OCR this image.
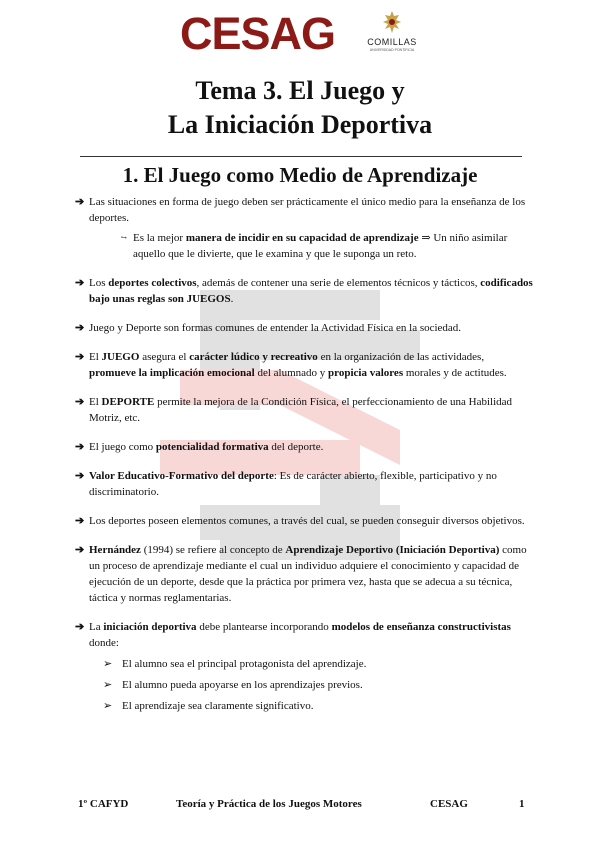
CESAG	COMILLAS
UNIVERSIDAD PONTIFICIA
Tema 3. El Juego y
La Iniciación Deportiva
1. El Juego como Medio de Aprendizaje
➔ Las situaciones en forma de juego deben ser prácticamente el único medio para la enseñanza de los deportes.
↪ Es la mejor manera de incidir en su capacidad de aprendizaje ⇒ Un niño asimilar aquello que le divierte, que le examina y que le suponga un reto.
➔ Los deportes colectivos, además de contener una serie de elementos técnicos y tácticos, codificados bajo unas reglas son JUEGOS.
➔ Juego y Deporte son formas comunes de entender la Actividad Física en la sociedad.
➔ El JUEGO asegura el carácter lúdico y recreativo en la organización de las actividades, promueve la implicación emocional del alumnado y propicia valores morales y de actitudes.
➔ El DEPORTE permite la mejora de la Condición Física, el perfeccionamiento de una Habilidad Motriz, etc.
➔ El juego como potencialidad formativa del deporte.
➔ Valor Educativo-Formativo del deporte: Es de carácter abierto, flexible, participativo y no discriminatorio.
➔ Los deportes poseen elementos comunes, a través del cual, se pueden conseguir diversos objetivos.
➔ Hernández (1994) se refiere al concepto de Aprendizaje Deportivo (Iniciación Deportiva) como un proceso de aprendizaje mediante el cual un individuo adquiere el conocimiento y capacidad de ejecución de un deporte, desde que la práctica por primera vez, hasta que se adecua a su técnica, táctica y normas reglamentarias.
➔ La iniciación deportiva debe plantearse incorporando modelos de enseñanza constructivistas donde:
➢ El alumno sea el principal protagonista del aprendizaje.
➢ El alumno pueda apoyarse en los aprendizajes previos.
➢ El aprendizaje sea claramente significativo.
1º CAFYD	Teoría y Práctica de los Juegos Motores	CESAG	1
